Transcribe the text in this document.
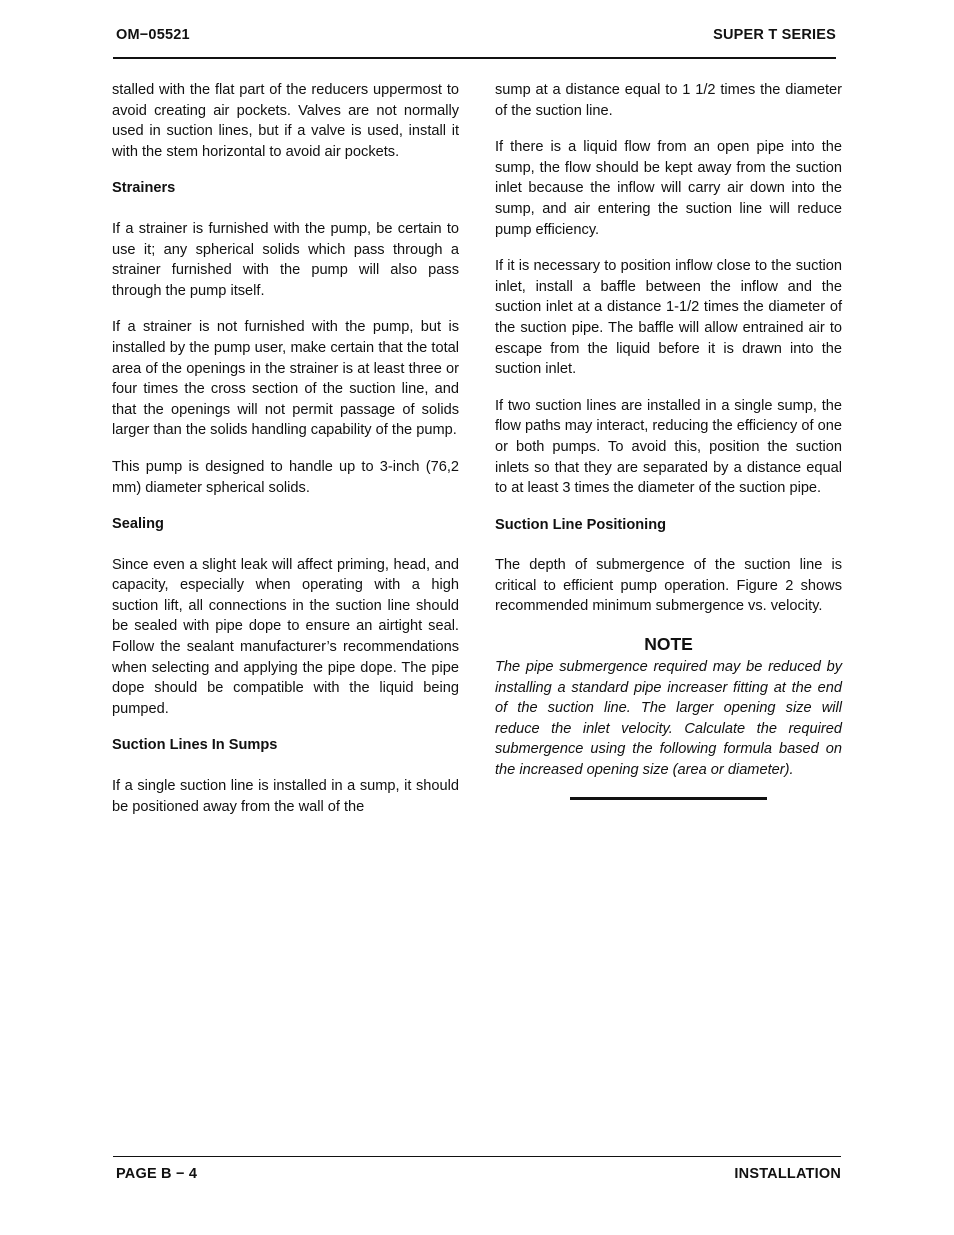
OM−05521	SUPER T SERIES

stalled with the flat part of the reducers uppermost to avoid creating air pockets. Valves are not normally used in suction lines, but if a valve is used, install it with the stem horizontal to avoid air pockets.

Strainers

If a strainer is furnished with the pump, be certain to use it; any spherical solids which pass through a strainer furnished with the pump will also pass through the pump itself.

If a strainer is not furnished with the pump, but is installed by the pump user, make certain that the total area of the openings in the strainer is at least three or four times the cross section of the suction line, and that the openings will not permit passage of solids larger than the solids handling capability of the pump.

This pump is designed to handle up to 3-inch (76,2 mm) diameter spherical solids.

Sealing

Since even a slight leak will affect priming, head, and capacity, especially when operating with a high suction lift, all connections in the suction line should be sealed with pipe dope to ensure an airtight seal. Follow the sealant manufacturer’s recommendations when selecting and applying the pipe dope. The pipe dope should be compatible with the liquid being pumped.

Suction Lines In Sumps

If a single suction line is installed in a sump, it should be positioned away from the wall of the

sump at a distance equal to 1 1/2 times the diameter of the suction line.

If there is a liquid flow from an open pipe into the sump, the flow should be kept away from the suction inlet because the inflow will carry air down into the sump, and air entering the suction line will reduce pump efficiency.

If it is necessary to position inflow close to the suction inlet, install a baffle between the inflow and the suction inlet at a distance 1-1/2 times the diameter of the suction pipe. The baffle will allow entrained air to escape from the liquid before it is drawn into the suction inlet.

If two suction lines are installed in a single sump, the flow paths may interact, reducing the efficiency of one or both pumps. To avoid this, position the suction inlets so that they are separated by a distance equal to at least 3 times the diameter of the suction pipe.

Suction Line Positioning

The depth of submergence of the suction line is critical to efficient pump operation. Figure 2 shows recommended minimum submergence vs. velocity.

NOTE

The pipe submergence required may be reduced by installing a standard pipe increaser fitting at the end of the suction line. The larger opening size will reduce the inlet velocity. Calculate the required submergence using the following formula based on the increased opening size (area or diameter).

PAGE B − 4	INSTALLATION
